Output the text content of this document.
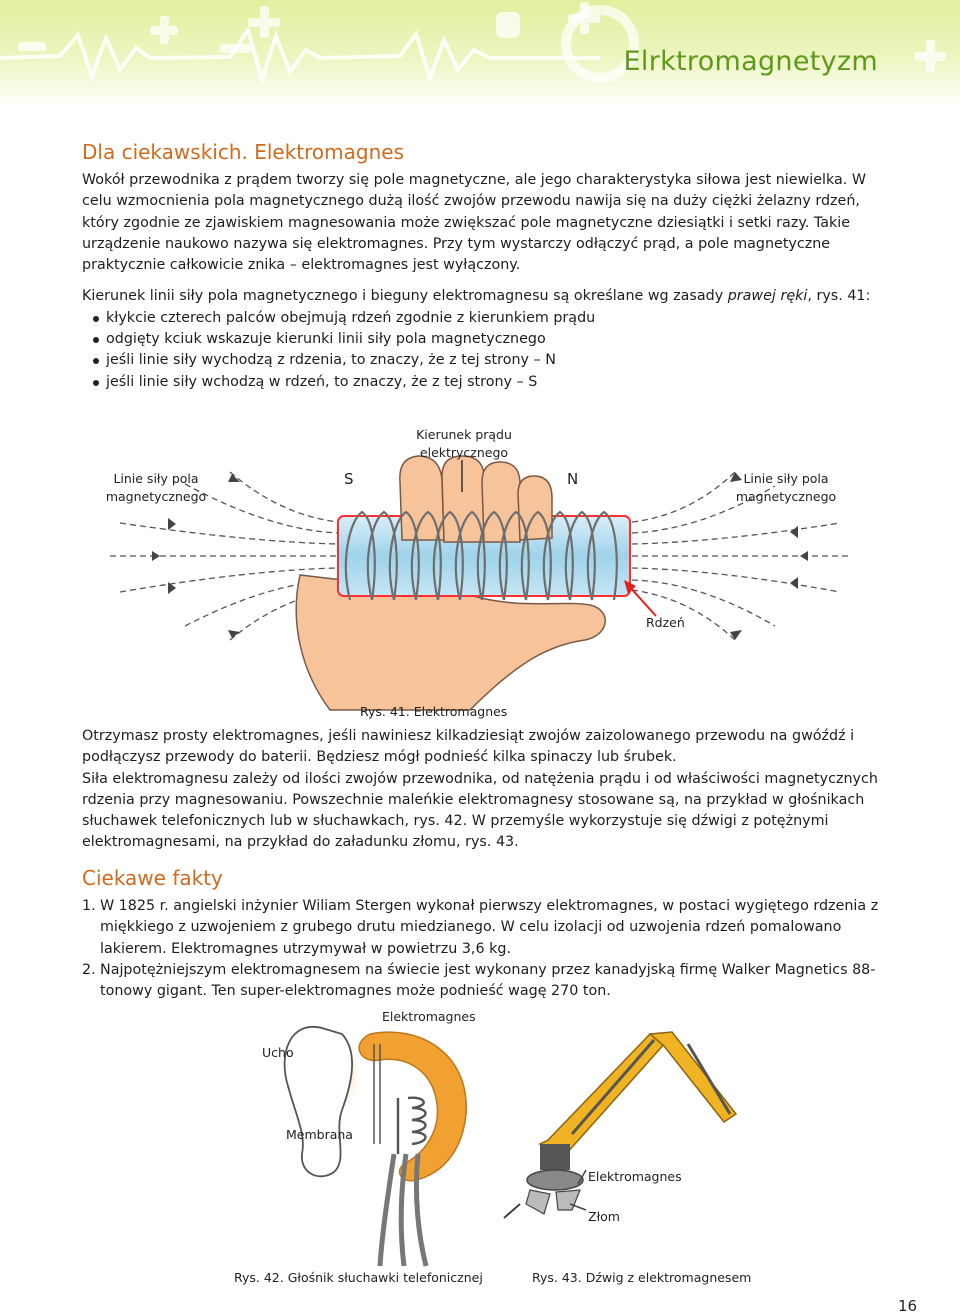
Elrktromagnetyzm
Dla ciekawskich. Elektromagnes

Wokół przewodnika z prądem tworzy się pole magnetyczne, ale jego charakterystyka siłowa jest niewielka. W celu wzmocnienia pola magnetycznego dużą ilość zwojów przewodu nawija się na duży ciężki żelazny rdzeń, który zgodnie ze zjawiskiem magnesowania może zwiększać pole magnetyczne dziesiątki i setki razy. Takie urządzenie naukowo nazywa się elektromagnes. Przy tym wystarczy odłączyć prąd, a pole magnetyczne praktycznie całkowicie znika – elektromagnes jest wyłączony.

Kierunek linii siły pola magnetycznego i bieguny elektromagnesu są określane wg zasady prawej ręki, rys. 41:

kłykcie czterech palców obejmują rdzeń zgodnie z kierunkiem prądu
odgięty kciuk wskazuje kierunki linii siły pola magnetycznego
jeśli linie siły wychodzą z rdzenia, to znaczy, że z tej strony – N
jeśli linie siły wchodzą w rdzeń, to znaczy, że z tej strony – S
Kierunek prądu
elektrycznego
Linie siły pola
magnetycznego
Linie siły pola
magnetycznego
S	N
Rdzeń
Rys. 41. Elektromagnes

Otrzymasz prosty elektromagnes, jeśli nawiniesz kilkadziesiąt zwojów zaizolowanego przewodu na gwóźdź i podłączysz przewody do baterii. Będziesz mógł podnieść kilka spinaczy lub śrubek.

Siła elektromagnesu zależy od ilości zwojów przewodnika, od natężenia prądu i od właściwości magnetycznych rdzenia przy magnesowaniu. Powszechnie maleńkie elektromagnesy stosowane są, na przykład w głośnikach słuchawek telefonicznych lub w słuchawkach, rys. 42. W przemyśle wykorzystuje się dźwigi z potężnymi elektromagnesami, na przykład do załadunku złomu, rys. 43.

Ciekawe fakty
1. W 1825 r. angielski inżynier Wiliam Stergen wykonał pierwszy elektromagnes, w postaci wygiętego rdzenia z miękkiego z uzwojeniem z grubego drutu miedzianego. W celu izolacji od uzwojenia rdzeń pomalowano lakierem. Elektromagnes utrzymywał w powietrzu 3,6 kg.
2. Najpotężniejszym elektromagnesem na świecie jest wykonany przez kanadyjską firmę Walker Magnetics 88-tonowy gigant. Ten super-elektromagnes może podnieść wagę 270 ton.
Elektromagnes
Ucho
Membrana
Rys. 42. Głośnik słuchawki telefonicznej
Elektromagnes
Złom
Rys. 43. Dźwig z elektromagnesem
16
